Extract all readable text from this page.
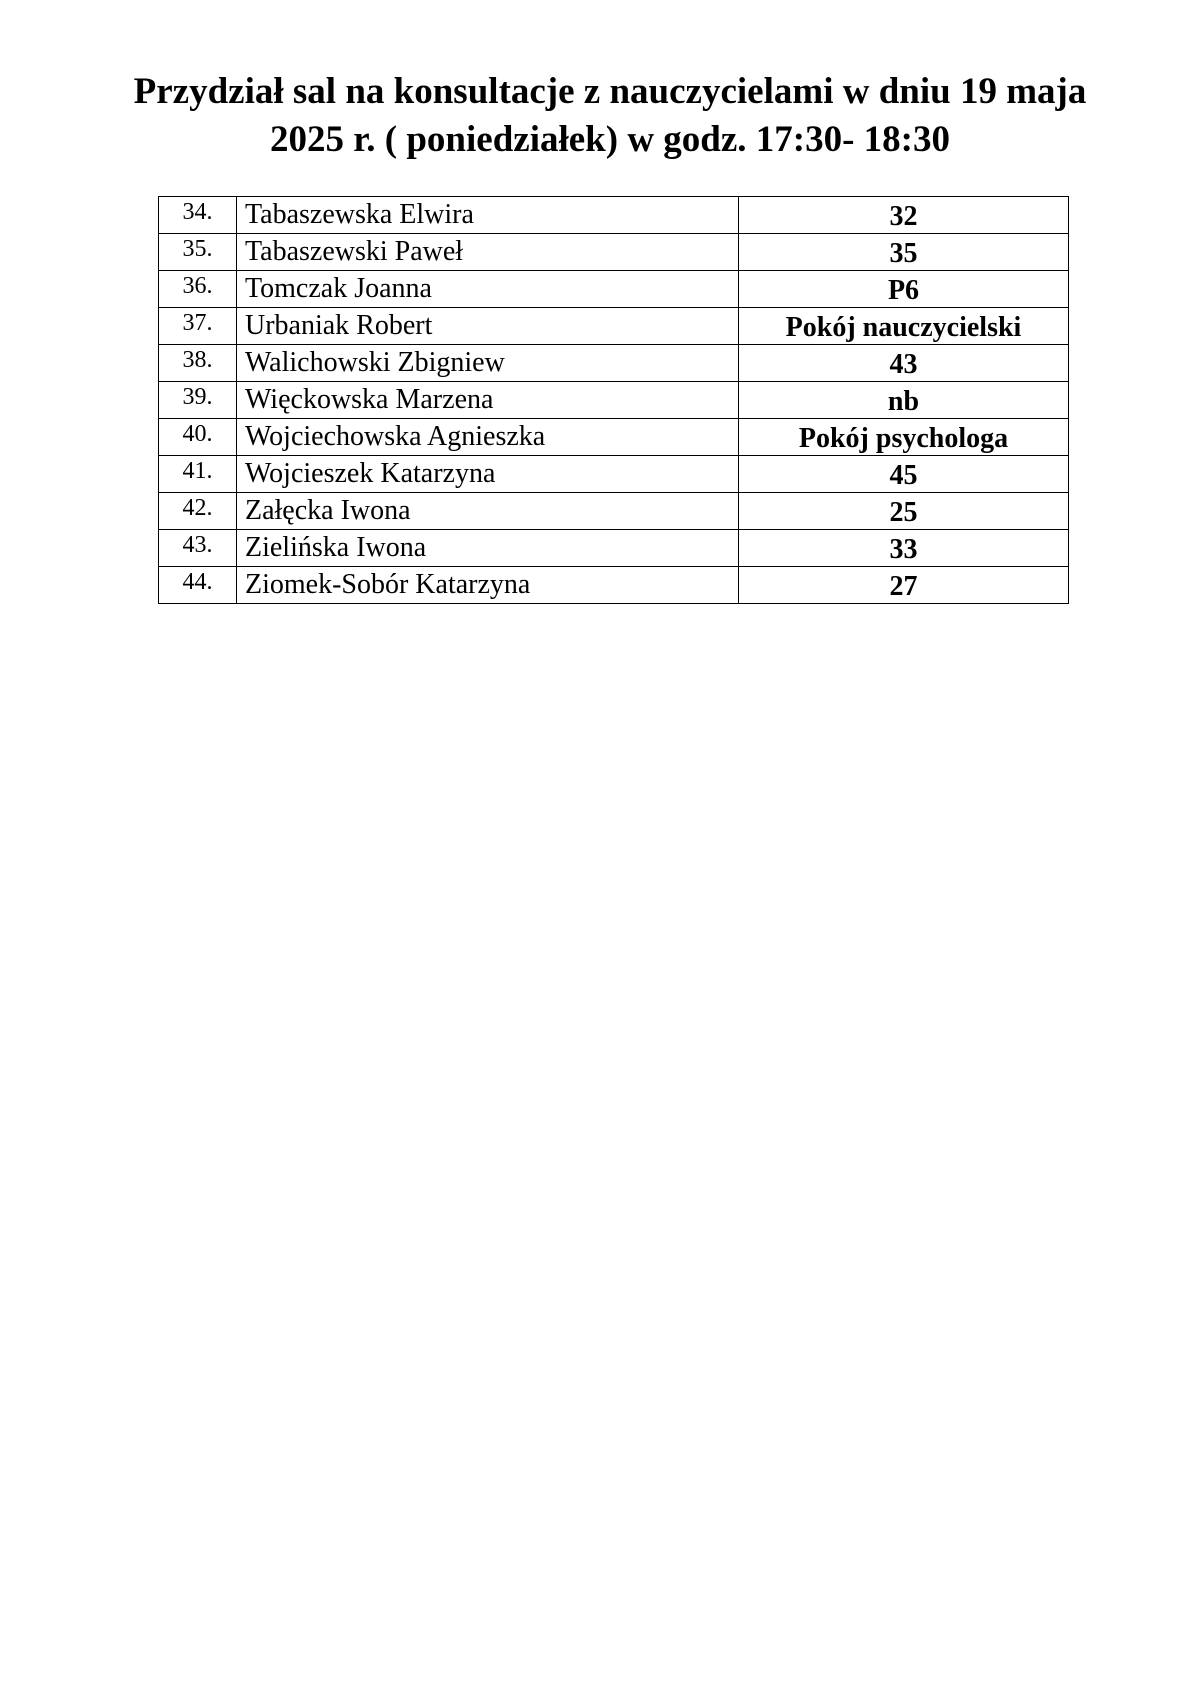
Przydział sal na konsultacje z nauczycielami w dniu 19 maja
2025 r. ( poniedziałek) w godz. 17:30- 18:30
34.	Tabaszewska Elwira	32
35.	Tabaszewski Paweł	35
36.	Tomczak Joanna	P6
37.	Urbaniak Robert	Pokój nauczycielski
38.	Walichowski Zbigniew	43
39.	Więckowska Marzena	nb
40.	Wojciechowska Agnieszka	Pokój psychologa
41.	Wojcieszek Katarzyna	45
42.	Załęcka Iwona	25
43.	Zielińska Iwona	33
44.	Ziomek-Sobór Katarzyna	27
